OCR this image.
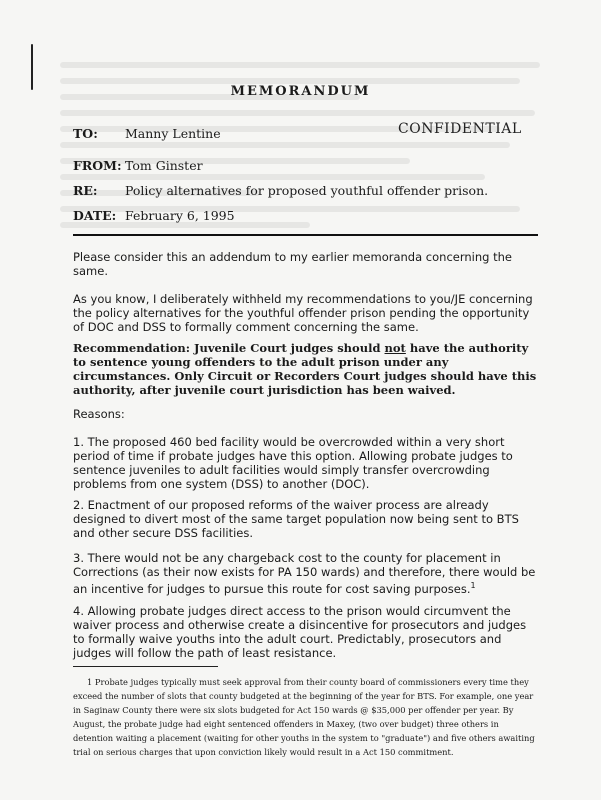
MEMORANDUM
TO: Manny Lentine	CONFIDENTIAL
FROM: Tom Ginster
RE: Policy alternatives for proposed youthful offender prison.
DATE: February 6, 1995

Please consider this an addendum to my earlier memoranda concerning the same.

As you know, I deliberately withheld my recommendations to you/JE concerning the policy alternatives for the youthful offender prison pending the opportunity of DOC and DSS to formally comment concerning the same.

Recommendation: Juvenile Court judges should not have the authority to sentence young offenders to the adult prison under any circumstances. Only Circuit or Recorders Court judges should have this authority, after juvenile court jurisdiction has been waived.

Reasons:

1. The proposed 460 bed facility would be overcrowded within a very short period of time if probate judges have this option. Allowing probate judges to sentence juveniles to adult facilities would simply transfer overcrowding problems from one system (DSS) to another (DOC).

2. Enactment of our proposed reforms of the waiver process are already designed to divert most of the same target population now being sent to BTS and other secure DSS facilities.

3. There would not be any chargeback cost to the county for placement in Corrections (as their now exists for PA 150 wards) and therefore, there would be an incentive for judges to pursue this route for cost saving purposes.$^1$

4. Allowing probate judges direct access to the prison would circumvent the waiver process and otherwise create a disincentive for prosecutors and judges to formally waive youths into the adult court. Predictably, prosecutors and judges will follow the path of least resistance.

1 Probate judges typically must seek approval from their county board of commissioners every time they exceed the number of slots that county budgeted at the beginning of the year for BTS. For example, one year in Saginaw County there were six slots budgeted for Act 150 wards @ $35,000 per offender per year. By August, the probate judge had eight sentenced offenders in Maxey, (two over budget) three others in detention waiting a placement (waiting for other youths in the system to "graduate") and five others awaiting trial on serious charges that upon conviction likely would result in a Act 150 commitment.
